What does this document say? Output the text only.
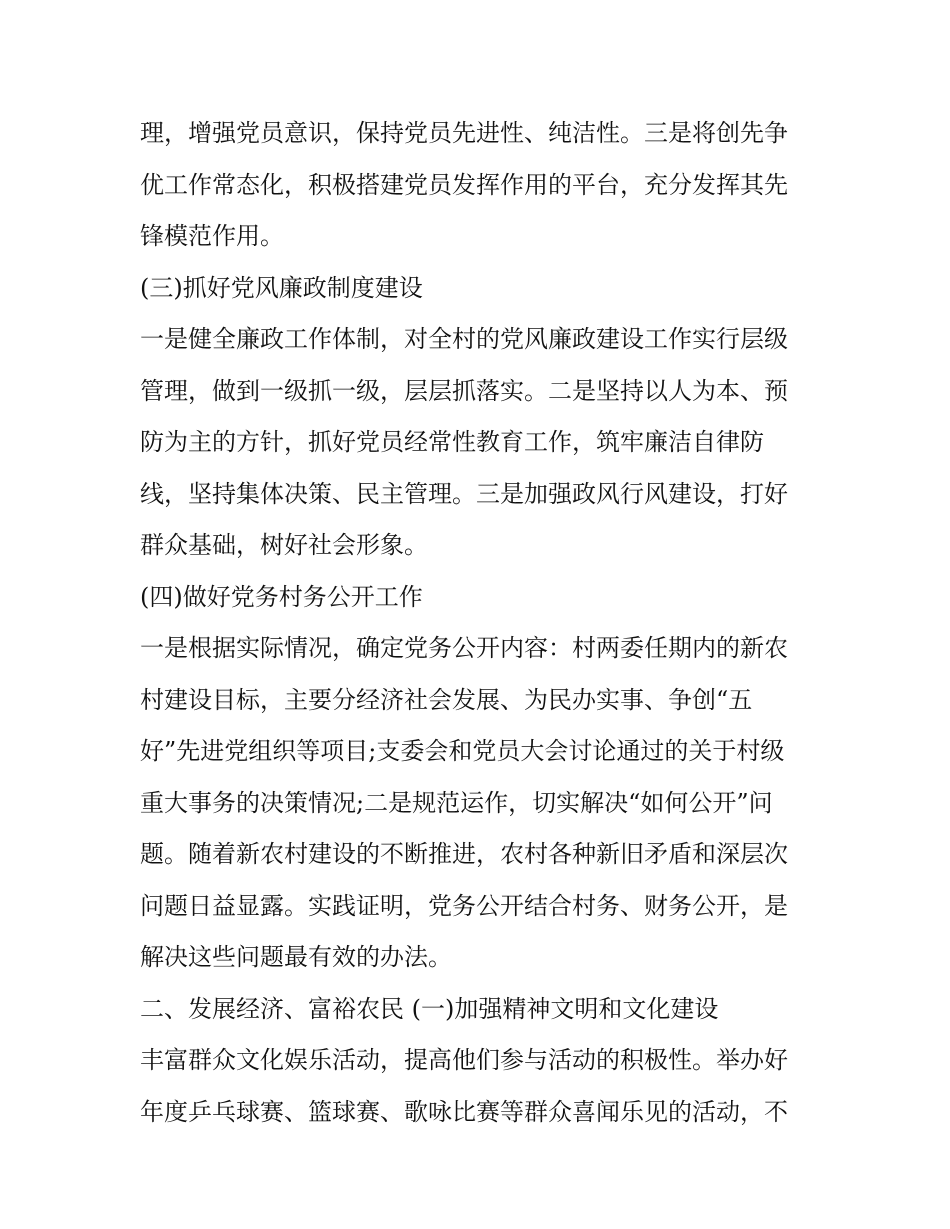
理，增强党员意识，保持党员先进性、纯洁性。三是将创先争

优工作常态化，积极搭建党员发挥作用的平台，充分发挥其先

锋模范作用。

(三)抓好党风廉政制度建设

一是健全廉政工作体制，对全村的党风廉政建设工作实行层级

管理，做到一级抓一级，层层抓落实。二是坚持以人为本、预

防为主的方针，抓好党员经常性教育工作，筑牢廉洁自律防

线，坚持集体决策、民主管理。三是加强政风行风建设，打好

群众基础，树好社会形象。

(四)做好党务村务公开工作

一是根据实际情况，确定党务公开内容：村两委任期内的新农

村建设目标，主要分经济社会发展、为民办实事、争创“五

好”先进党组织等项目;支委会和党员大会讨论通过的关于村级

重大事务的决策情况;二是规范运作，切实解决“如何公开”问

题。随着新农村建设的不断推进，农村各种新旧矛盾和深层次

问题日益显露。实践证明，党务公开结合村务、财务公开，是

解决这些问题最有效的办法。

二、发展经济、富裕农民 (一)加强精神文明和文化建设

丰富群众文化娱乐活动，提高他们参与活动的积极性。举办好

年度乒乓球赛、篮球赛、歌咏比赛等群众喜闻乐见的活动，不
